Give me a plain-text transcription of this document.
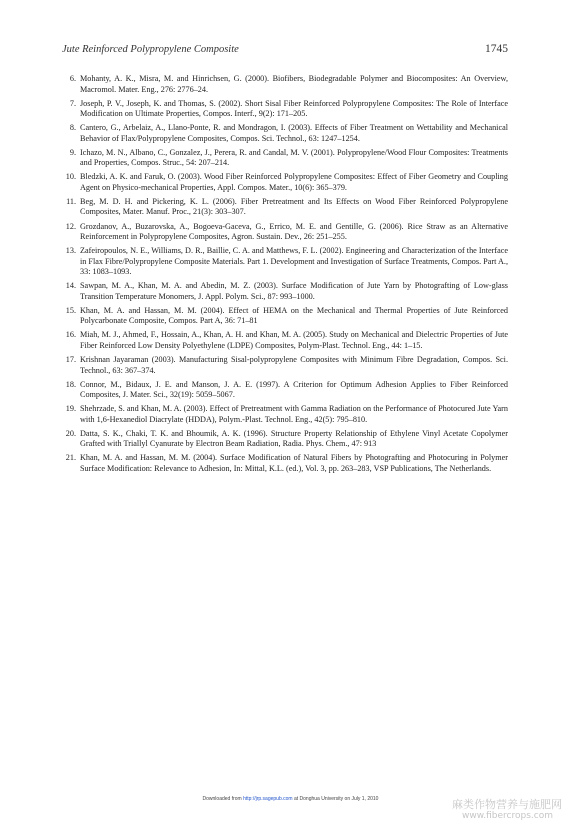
Jute Reinforced Polypropylene Composite	1745
6. Mohanty, A. K., Misra, M. and Hinrichsen, G. (2000). Biofibers, Biodegradable Polymer and Biocomposites: An Overview, Macromol. Mater. Eng., 276: 2776–24.
7. Joseph, P. V., Joseph, K. and Thomas, S. (2002). Short Sisal Fiber Reinforced Polypropylene Composites: The Role of Interface Modification on Ultimate Properties, Compos. Interf., 9(2): 171–205.
8. Cantero, G., Arbelaiz, A., Llano-Ponte, R. and Mondragon, I. (2003). Effects of Fiber Treatment on Wettability and Mechanical Behavior of Flax/Polypropylene Composites, Compos. Sci. Technol., 63: 1247–1254.
9. Ichazo, M. N., Albano, C., Gonzalez, J., Perera, R. and Candal, M. V. (2001). Polypropylene/Wood Flour Composites: Treatments and Properties, Compos. Struc., 54: 207–214.
10. Bledzki, A. K. and Faruk, O. (2003). Wood Fiber Reinforced Polypropylene Composites: Effect of Fiber Geometry and Coupling Agent on Physico-mechanical Properties, Appl. Compos. Mater., 10(6): 365–379.
11. Beg, M. D. H. and Pickering, K. L. (2006). Fiber Pretreatment and Its Effects on Wood Fiber Reinforced Polypropylene Composites, Mater. Manuf. Proc., 21(3): 303–307.
12. Grozdanov, A., Buzarovska, A., Bogoeva-Gaceva, G., Errico, M. E. and Gentille, G. (2006). Rice Straw as an Alternative Reinforcement in Polypropylene Composites, Agron. Sustain. Dev., 26: 251–255.
13. Zafeiropoulos, N. E., Williams, D. R., Baillie, C. A. and Matthews, F. L. (2002). Engineering and Characterization of the Interface in Flax Fibre/Polypropylene Composite Materials. Part 1. Development and Investigation of Surface Treatments, Compos. Part A., 33: 1083–1093.
14. Sawpan, M. A., Khan, M. A. and Abedin, M. Z. (2003). Surface Modification of Jute Yarn by Photografting of Low-glass Transition Temperature Monomers, J. Appl. Polym. Sci., 87: 993–1000.
15. Khan, M. A. and Hassan, M. M. (2004). Effect of HEMA on the Mechanical and Thermal Properties of Jute Reinforced Polycarbonate Composite, Compos. Part A, 36: 71–81
16. Miah, M. J., Ahmed, F., Hossain, A., Khan, A. H. and Khan, M. A. (2005). Study on Mechanical and Dielectric Properties of Jute Fiber Reinforced Low Density Polyethylene (LDPE) Composites, Polym-Plast. Technol. Eng., 44: 1–15.
17. Krishnan Jayaraman (2003). Manufacturing Sisal-polypropylene Composites with Minimum Fibre Degradation, Compos. Sci. Technol., 63: 367–374.
18. Connor, M., Bidaux, J. E. and Manson, J. A. E. (1997). A Criterion for Optimum Adhesion Applies to Fiber Reinforced Composites, J. Mater. Sci., 32(19): 5059–5067.
19. Shehrzade, S. and Khan, M. A. (2003). Effect of Pretreatment with Gamma Radiation on the Performance of Photocured Jute Yarn with 1,6-Hexanediol Diacrylate (HDDA), Polym.-Plast. Technol. Eng., 42(5): 795–810.
20. Datta, S. K., Chaki, T. K. and Bhoumik, A. K. (1996). Structure Property Relationship of Ethylene Vinyl Acetate Copolymer Grafted with Triallyl Cyanurate by Electron Beam Radiation, Radia. Phys. Chem., 47: 913
21. Khan, M. A. and Hassan, M. M. (2004). Surface Modification of Natural Fibers by Photografting and Photocuring in Polymer Surface Modification: Relevance to Adhesion, In: Mittal, K.L. (ed.), Vol. 3, pp. 263–283, VSP Publications, The Netherlands.
Downloaded from http://jrp.sagepub.com at Donghua University on July 1, 2010	麻类作物营养与施肥网
www.fibercrops.com
